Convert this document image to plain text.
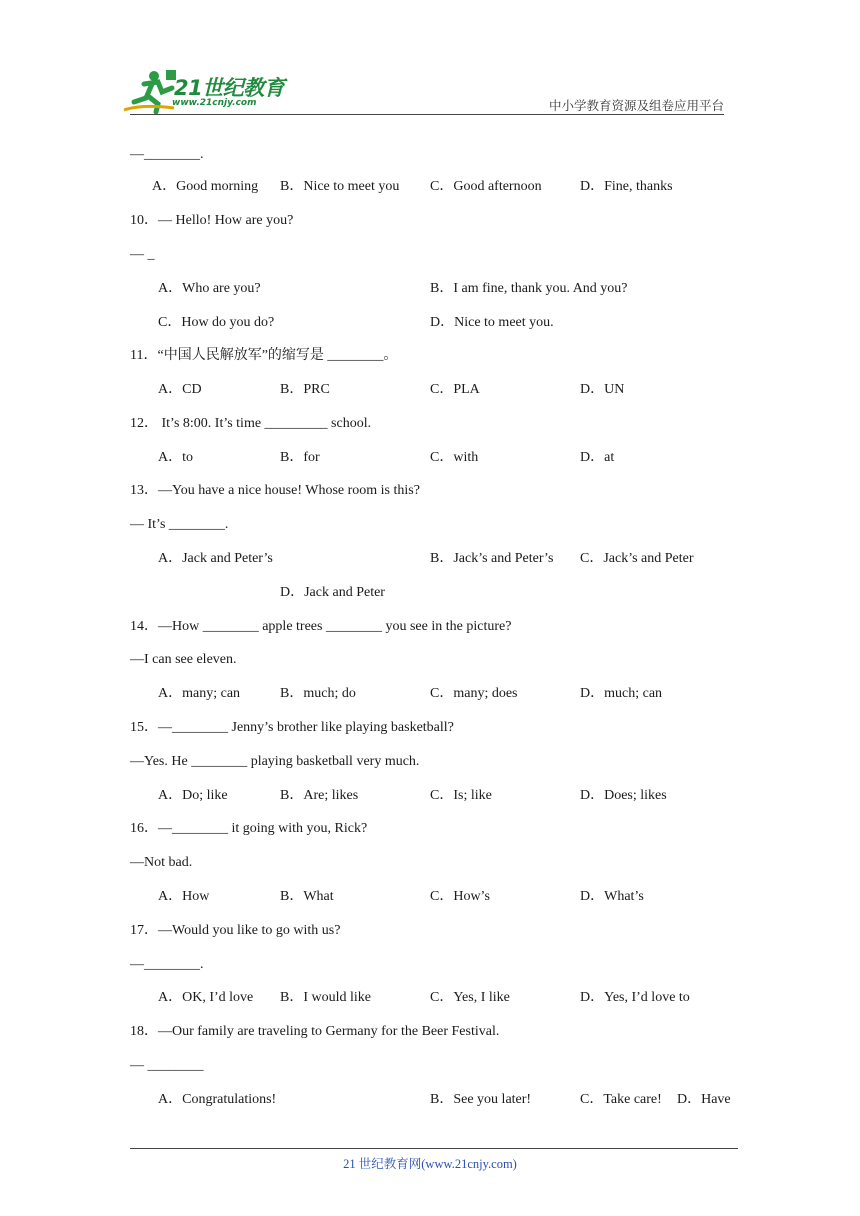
21世纪教育
www.21cnjy.com	中小学教育资源及组卷应用平台
—________.
A．Good morning B．Nice to meet you C．Good afternoon	D．Fine, thanks
10．— Hello! How are you?
— _
A．Who are you?	B．I am fine, thank you. And you?
C．How do you do?	D．Nice to meet you.
11．“中国人民解放军”的缩写是 ________。
A．CD	B．PRC	C．PLA	D．UN
12． It’s 8:00. It’s time _________ school.
A．to	B．for	C．with	D．at
13．—You have a nice house! Whose room is this?
— It’s ________.
A．Jack and Peter’s	B．Jack’s and Peter’s C．Jack’s and Peter
D．Jack and Peter
14．—How ________ apple trees ________ you see in the picture?
—I can see eleven.
A．many; can	B．much; do	C．many; does	D．much; can
15．—________ Jenny’s brother like playing basketball?
—Yes. He ________ playing basketball very much.
A．Do; like	B．Are; likes	C．Is; like	D．Does; likes
16．—________ it going with you, Rick?
—Not bad.
A．How	B．What	C．How’s	D．What’s
17．—Would you like to go with us?
—________.
A．OK, I’d love B．I would like	C．Yes, I like	D．Yes, I’d love to
18．—Our family are traveling to Germany for the Beer Festival.
— ________
A．Congratulations!	B．See you later!	C．Take care! D．Have
21 世纪教育网(www.21cnjy.com)
